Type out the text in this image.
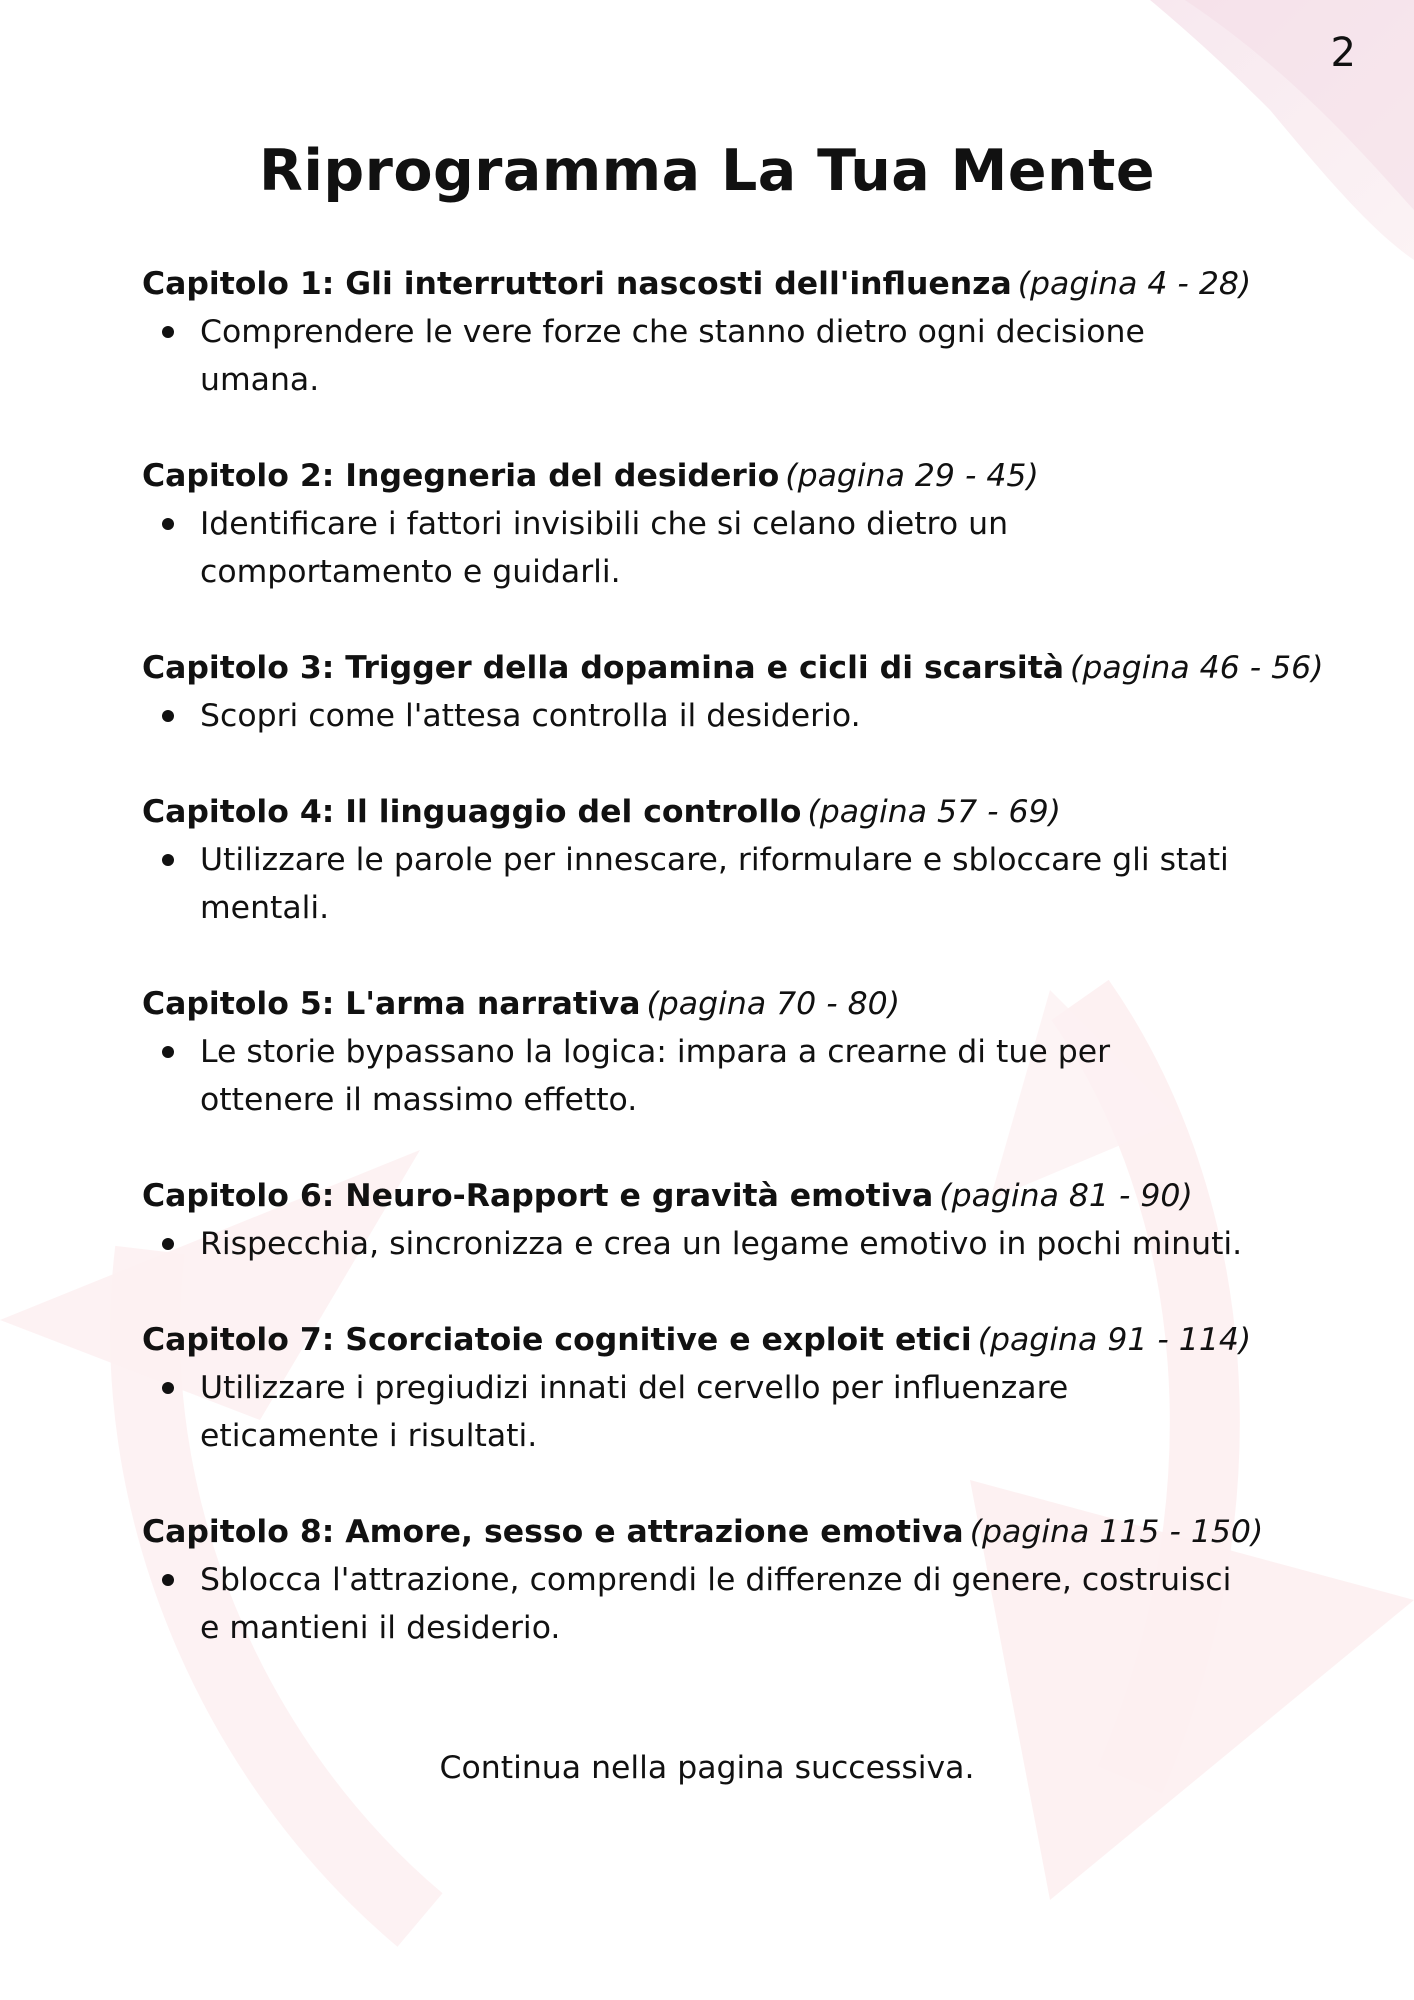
2
Riprogramma La Tua Mente
Capitolo 1: Gli interruttori nascosti dell'influenza (pagina 4 - 28)
Comprendere le vere forze che stanno dietro ogni decisione umana.
Capitolo 2: Ingegneria del desiderio (pagina 29 - 45)
Identificare i fattori invisibili che si celano dietro un comportamento e guidarli.
Capitolo 3: Trigger della dopamina e cicli di scarsità (pagina 46 - 56)
Scopri come l'attesa controlla il desiderio.
Capitolo 4: Il linguaggio del controllo (pagina 57 - 69)
Utilizzare le parole per innescare, riformulare e sbloccare gli stati mentali.
Capitolo 5: L'arma narrativa (pagina 70 - 80)
Le storie bypassano la logica: impara a crearne di tue per ottenere il massimo effetto.
Capitolo 6: Neuro-Rapport e gravità emotiva (pagina 81 - 90)
Rispecchia, sincronizza e crea un legame emotivo in pochi minuti.
Capitolo 7: Scorciatoie cognitive e exploit etici (pagina 91 - 114)
Utilizzare i pregiudizi innati del cervello per influenzare eticamente i risultati.
Capitolo 8: Amore, sesso e attrazione emotiva (pagina 115 - 150)
Sblocca l'attrazione, comprendi le differenze di genere, costruisci e mantieni il desiderio.
Continua nella pagina successiva.
